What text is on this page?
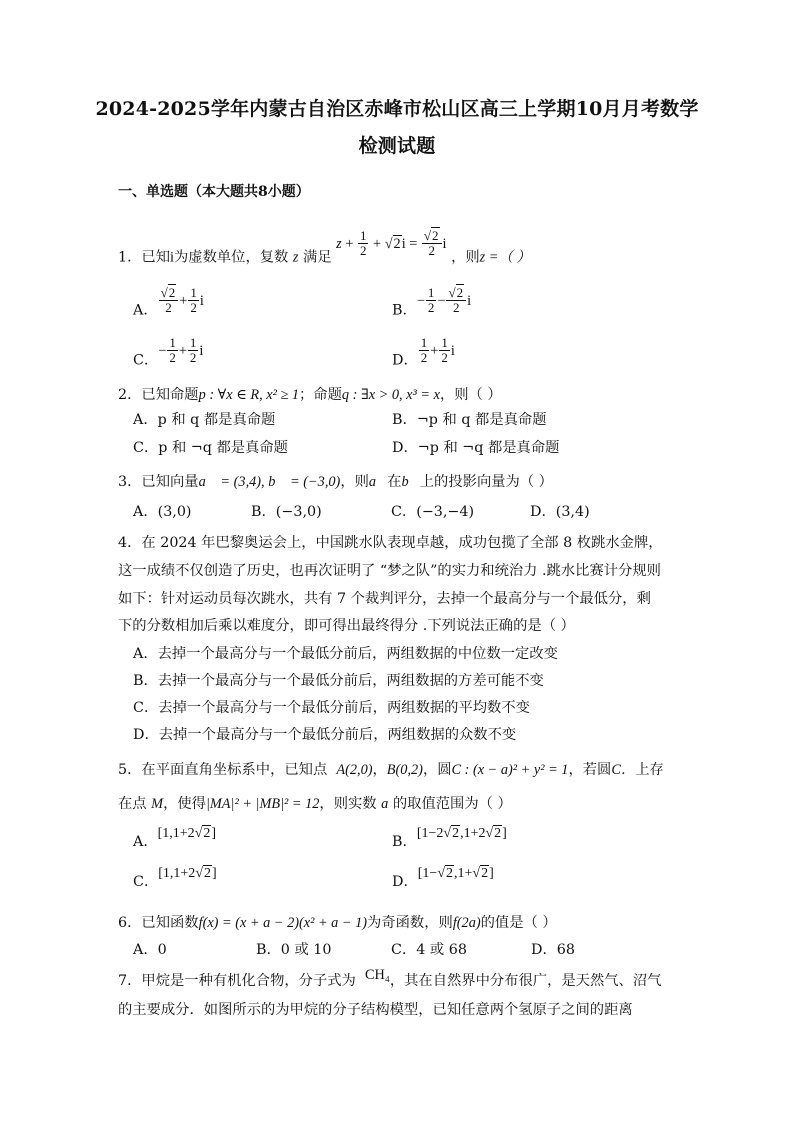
2024-2025学年内蒙古自治区赤峰市松山区高三上学期10月月考数学
检测试题
一、单选题（本大题共8小题）
1．已知i为虚数单位，复数 z 满足 $z + \frac{1}{2} + √2i = \frac{√2}{2}$ i ，则z =（ ）
A． $\frac{√2}{2} + \frac{1}{2}$ i
B．− $\frac{1}{2} - \frac{√2}{2}$ i
C．− $\frac{1}{2} + \frac{1}{2}$ i
D． $\frac{1}{2} + \frac{1}{2}$ i
2．已知命题p : ∀x ∈ R, x² ≥ 1；命题q : ∃x > 0, x³ = x，则（ ）
A．p 和 q 都是真命题	B．¬p 和 q 都是真命题
C．p 和 ¬q 都是真命题	D．¬p 和 ¬q 都是真命题
3．已知向量a⃗ = (3,4), b⃗ = (−3,0)，则a⃗在b⃗上的投影向量为（ ）
A．(3,0)	B．(−3,0)	C．(−3,−4)	D．(3,4)
4．在 2024 年巴黎奥运会上，中国跳水队表现卓越，成功包揽了全部 8 枚跳水金牌，
这一成绩不仅创造了历史，也再次证明了 “梦之队”的实力和统治力 .跳水比赛计分规则
如下：针对运动员每次跳水，共有 7 个裁判评分，去掉一个最高分与一个最低分，剩
下的分数相加后乘以难度分，即可得出最终得分 .下列说法正确的是（ ）
A．去掉一个最高分与一个最低分前后，两组数据的中位数一定改变
B．去掉一个最高分与一个最低分前后，两组数据的方差可能不变
C．去掉一个最高分与一个最低分前后，两组数据的平均数不变
D．去掉一个最高分与一个最低分前后，两组数据的众数不变
5．在平面直角坐标系中，已知点 A(2,0)，B(0,2)，圆C : (x − a)² + y² = 1，若圆C．上存
在点 M，使得|MA|² + |MB|² = 12，则实数 a 的取值范围为（ ）
A．[1,1+2√2]
B．[1−2√2,1+2√2]
C．[1,1+2√2]
D．[1−√2,1+√2]
6．已知函数f(x) = (x + a − 2)(x² + a − 1)为奇函数，则f(2a)的值是（ ）
A．0	B．0 或 10	C．4 或 68	D．68
7．甲烷是一种有机化合物，分子式为 CH₄，其在自然界中分布很广，是天然气、沼气
的主要成分．如图所示的为甲烷的分子结构模型，已知任意两个氢原子之间的距离
